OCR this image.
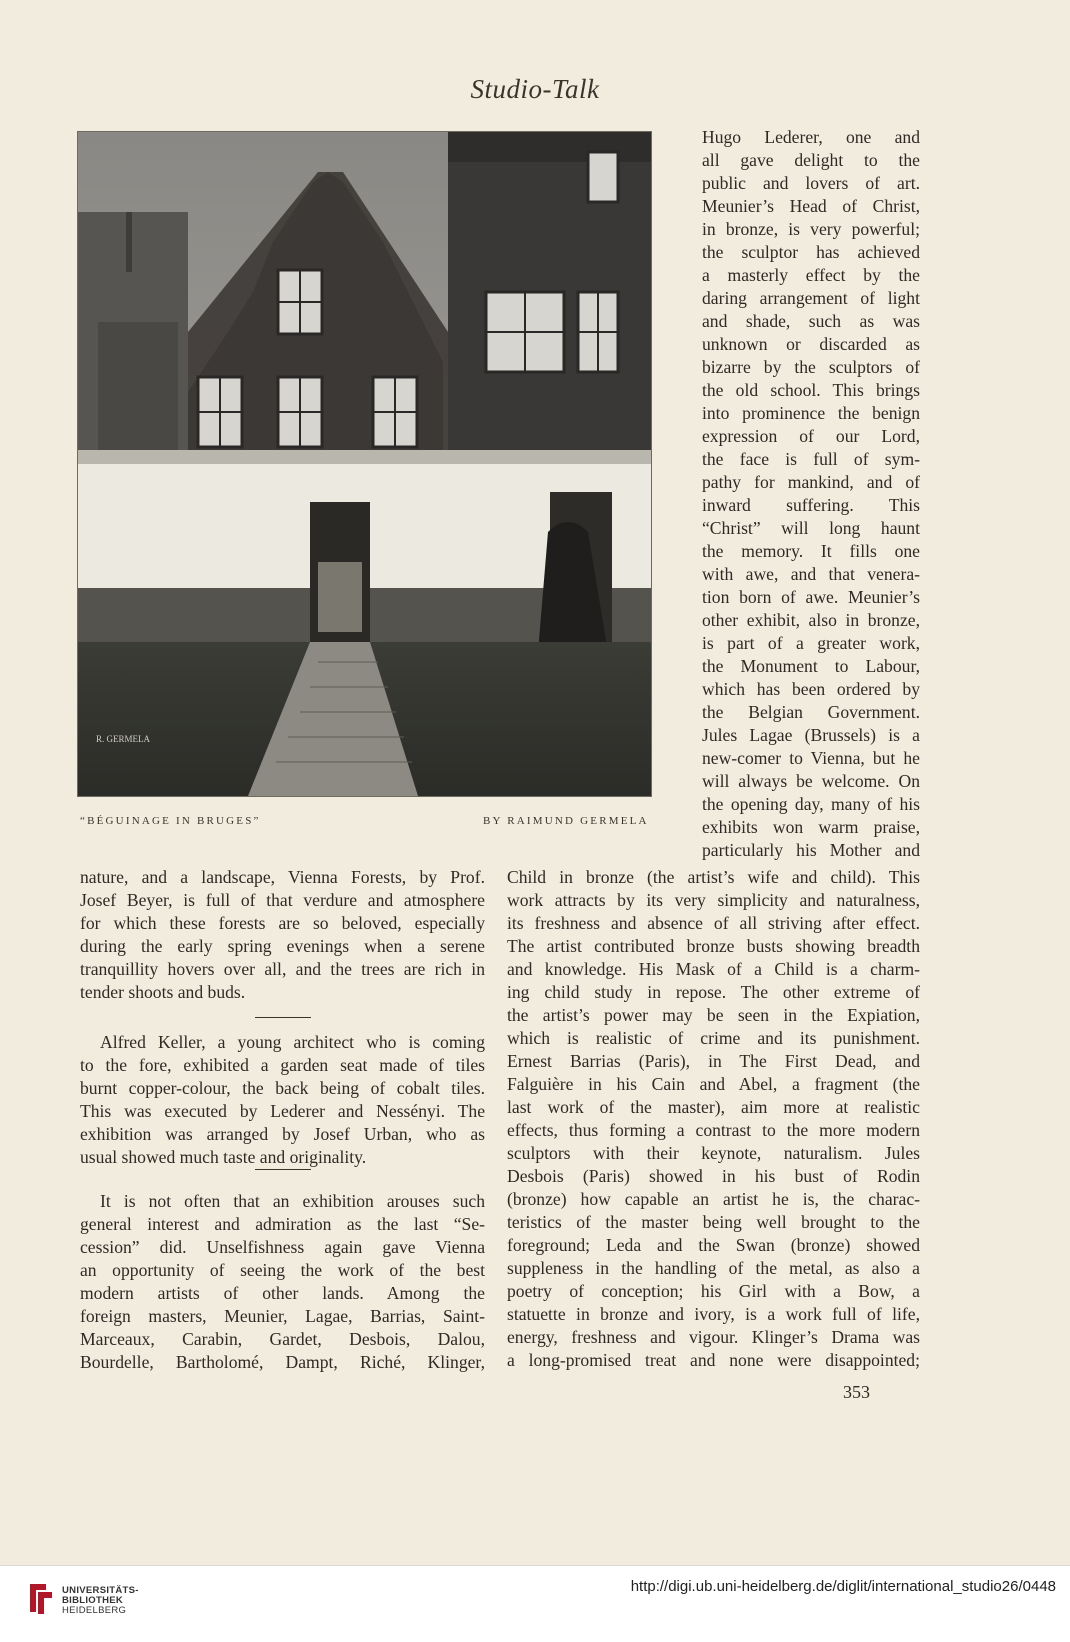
Studio-Talk
R. GERMELA
“BÉGUINAGE IN BRUGES”	BY RAIMUND GERMELA
Hugo Lederer, one and
all gave delight to the
public and lovers of art.
Meunier’s Head of Christ,
in bronze, is very powerful;
the sculptor has achieved
a masterly effect by the
daring arrangement of light
and shade, such as was
unknown or discarded as
bizarre by the sculptors of
the old school. This brings
into prominence the benign
expression of our Lord,
the face is full of sym-
pathy for mankind, and of
inward suffering. This
“Christ” will long haunt
the memory. It fills one
with awe, and that venera-
tion born of awe. Meunier’s
other exhibit, also in bronze,
is part of a greater work,
the Monument to Labour,
which has been ordered by
the Belgian Government.
Jules Lagae (Brussels) is a
new-comer to Vienna, but he
will always be welcome. On
the opening day, many of his
exhibits won warm praise,
particularly his Mother and
nature, and a landscape, Vienna Forests, by Prof.
Josef Beyer, is full of that verdure and atmosphere
for which these forests are so beloved, especially
during the early spring evenings when a serene
tranquillity hovers over all, and the trees are rich in
tender shoots and buds.
Alfred Keller, a young architect who is coming
to the fore, exhibited a garden seat made of tiles
burnt copper-colour, the back being of cobalt tiles.
This was executed by Lederer and Nessényi. The
exhibition was arranged by Josef Urban, who as
usual showed much taste and originality.
It is not often that an exhibition arouses such
general interest and admiration as the last “Se-
cession” did. Unselfishness again gave Vienna
an opportunity of seeing the work of the best
modern artists of other lands. Among the
foreign masters, Meunier, Lagae, Barrias, Saint-
Marceaux, Carabin, Gardet, Desbois, Dalou,
Bourdelle, Bartholomé, Dampt, Riché, Klinger,
Child in bronze (the artist’s wife and child). This
work attracts by its very simplicity and naturalness,
its freshness and absence of all striving after effect.
The artist contributed bronze busts showing breadth
and knowledge. His Mask of a Child is a charm-
ing child study in repose. The other extreme of
the artist’s power may be seen in the Expiation,
which is realistic of crime and its punishment.
Ernest Barrias (Paris), in The First Dead, and
Falguière in his Cain and Abel, a fragment (the
last work of the master), aim more at realistic
effects, thus forming a contrast to the more modern
sculptors with their keynote, naturalism. Jules
Desbois (Paris) showed in his bust of Rodin
(bronze) how capable an artist he is, the charac-
teristics of the master being well brought to the
foreground; Leda and the Swan (bronze) showed
suppleness in the handling of the metal, as also a
poetry of conception; his Girl with a Bow, a
statuette in bronze and ivory, is a work full of life,
energy, freshness and vigour. Klinger’s Drama was
a long-promised treat and none were disappointed;
353
UNIVERSITÄTS-
BIBLIOTHEK
HEIDELBERG
http://digi.ub.uni-heidelberg.de/diglit/international_studio26/0448
